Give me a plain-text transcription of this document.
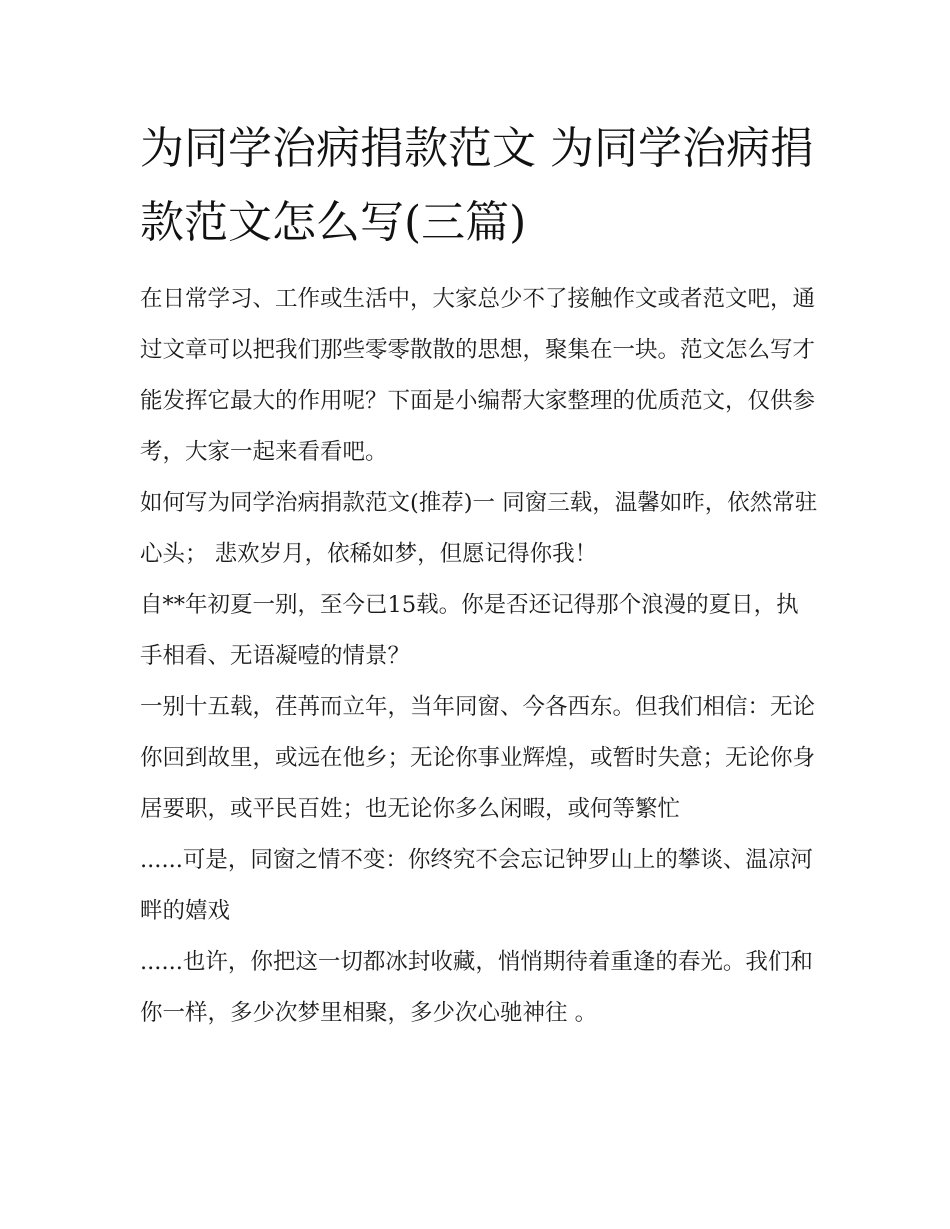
为同学治病捐款范文 为同学治病捐款范文怎么写(三篇)

在日常学习、工作或生活中，大家总少不了接触作文或者范文吧，通过文章可以把我们那些零零散散的思想，聚集在一块。范文怎么写才能发挥它最大的作用呢？下面是小编帮大家整理的优质范文，仅供参考，大家一起来看看吧。

如何写为同学治病捐款范文(推荐)一 同窗三载，温馨如昨，依然常驻心头； 悲欢岁月，依稀如梦，但愿记得你我！

自**年初夏一别，至今已15载。你是否还记得那个浪漫的夏日，执手相看、无语凝噎的情景？

一别十五载，荏苒而立年，当年同窗、今各西东。但我们相信：无论你回到故里，或远在他乡；无论你事业辉煌，或暂时失意；无论你身居要职，或平民百姓；也无论你多么闲暇，或何等繁忙

......可是，同窗之情不变：你终究不会忘记钟罗山上的攀谈、温凉河畔的嬉戏

......也许，你把这一切都冰封收藏，悄悄期待着重逢的春光。我们和你一样，多少次梦里相聚，多少次心驰神往 。
